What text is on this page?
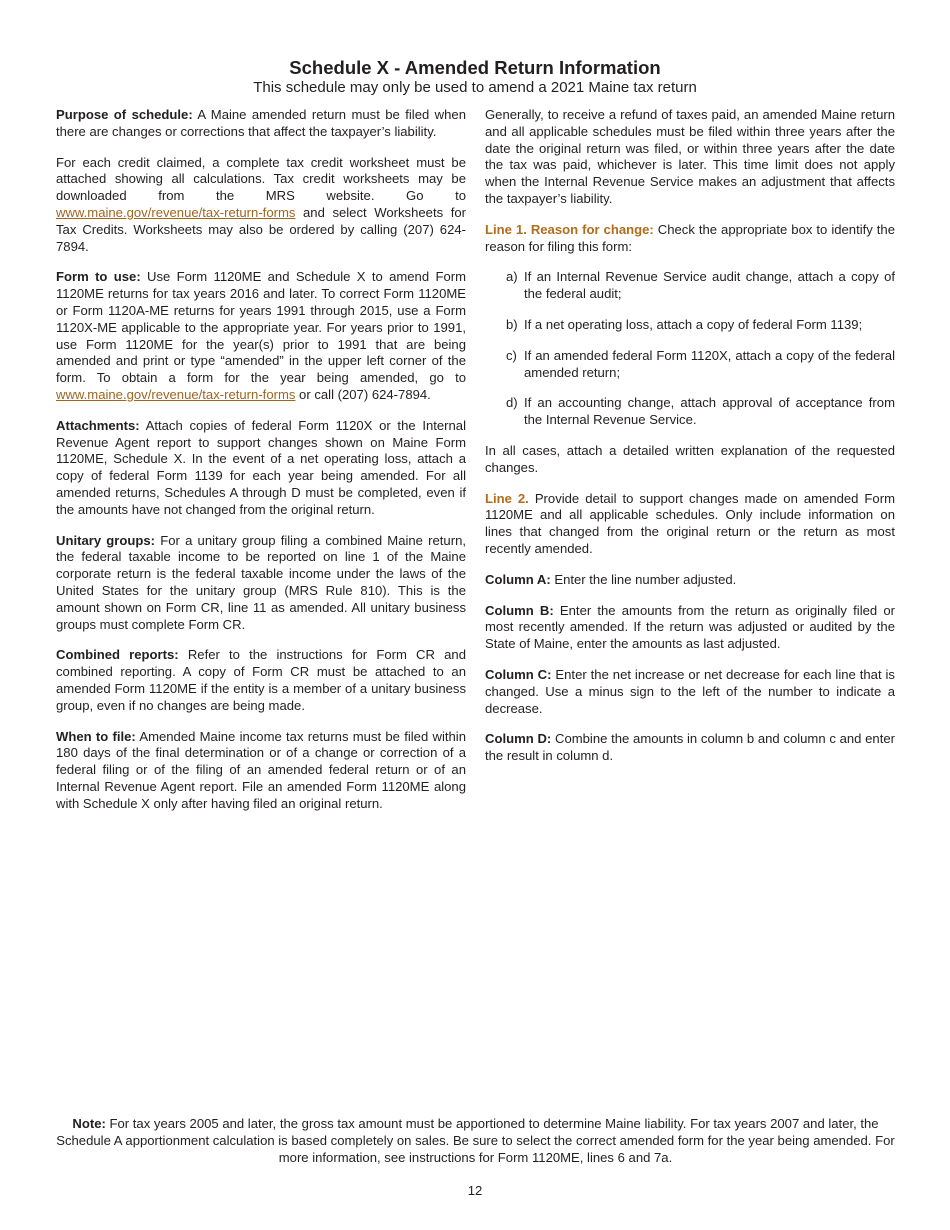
Schedule X - Amended Return Information
This schedule may only be used to amend a 2021 Maine tax return

Purpose of schedule: A Maine amended return must be filed when there are changes or corrections that affect the taxpayer’s liability.

For each credit claimed, a complete tax credit worksheet must be attached showing all calculations. Tax credit worksheets may be downloaded from the MRS website. Go to www.maine.gov/revenue/tax-return-forms and select Worksheets for Tax Credits. Worksheets may also be ordered by calling (207) 624-7894.

Form to use: Use Form 1120ME and Schedule X to amend Form 1120ME returns for tax years 2016 and later. To correct Form 1120ME or Form 1120A-ME returns for years 1991 through 2015, use a Form 1120X-ME applicable to the appropriate year. For years prior to 1991, use Form 1120ME for the year(s) prior to 1991 that are being amended and print or type “amended” in the upper left corner of the form. To obtain a form for the year being amended, go to www.maine.gov/revenue/tax-return-forms or call (207) 624-7894.

Attachments: Attach copies of federal Form 1120X or the Internal Revenue Agent report to support changes shown on Maine Form 1120ME, Schedule X. In the event of a net operating loss, attach a copy of federal Form 1139 for each year being amended. For all amended returns, Schedules A through D must be completed, even if the amounts have not changed from the original return.

Unitary groups: For a unitary group filing a combined Maine return, the federal taxable income to be reported on line 1 of the Maine corporate return is the federal taxable income under the laws of the United States for the unitary group (MRS Rule 810). This is the amount shown on Form CR, line 11 as amended. All unitary business groups must complete Form CR.

Combined reports: Refer to the instructions for Form CR and combined reporting. A copy of Form CR must be attached to an amended Form 1120ME if the entity is a member of a unitary business group, even if no changes are being made.

When to file: Amended Maine income tax returns must be filed within 180 days of the final determination or of a change or correction of a federal filing or of the filing of an amended federal return or of an Internal Revenue Agent report. File an amended Form 1120ME along with Schedule X only after having filed an original return.

Generally, to receive a refund of taxes paid, an amended Maine return and all applicable schedules must be filed within three years after the date the original return was filed, or within three years after the date the tax was paid, whichever is later. This time limit does not apply when the Internal Revenue Service makes an adjustment that affects the taxpayer’s liability.

Line 1. Reason for change: Check the appropriate box to identify the reason for filing this form:

a) If an Internal Revenue Service audit change, attach a copy of the federal audit;
b) If a net operating loss, attach a copy of federal Form 1139;
c) If an amended federal Form 1120X, attach a copy of the federal amended return;
d) If an accounting change, attach approval of acceptance from the Internal Revenue Service.

In all cases, attach a detailed written explanation of the requested changes.

Line 2. Provide detail to support changes made on amended Form 1120ME and all applicable schedules. Only include information on lines that changed from the original return or the return as most recently amended.

Column A: Enter the line number adjusted.

Column B: Enter the amounts from the return as originally filed or most recently amended. If the return was adjusted or audited by the State of Maine, enter the amounts as last adjusted.

Column C: Enter the net increase or net decrease for each line that is changed. Use a minus sign to the left of the number to indicate a decrease.

Column D: Combine the amounts in column b and column c and enter the result in column d.

Note: For tax years 2005 and later, the gross tax amount must be apportioned to determine Maine liability. For tax years 2007 and later, the Schedule A apportionment calculation is based completely on sales. Be sure to select the correct amended form for the year being amended. For more information, see instructions for Form 1120ME, lines 6 and 7a.
12
